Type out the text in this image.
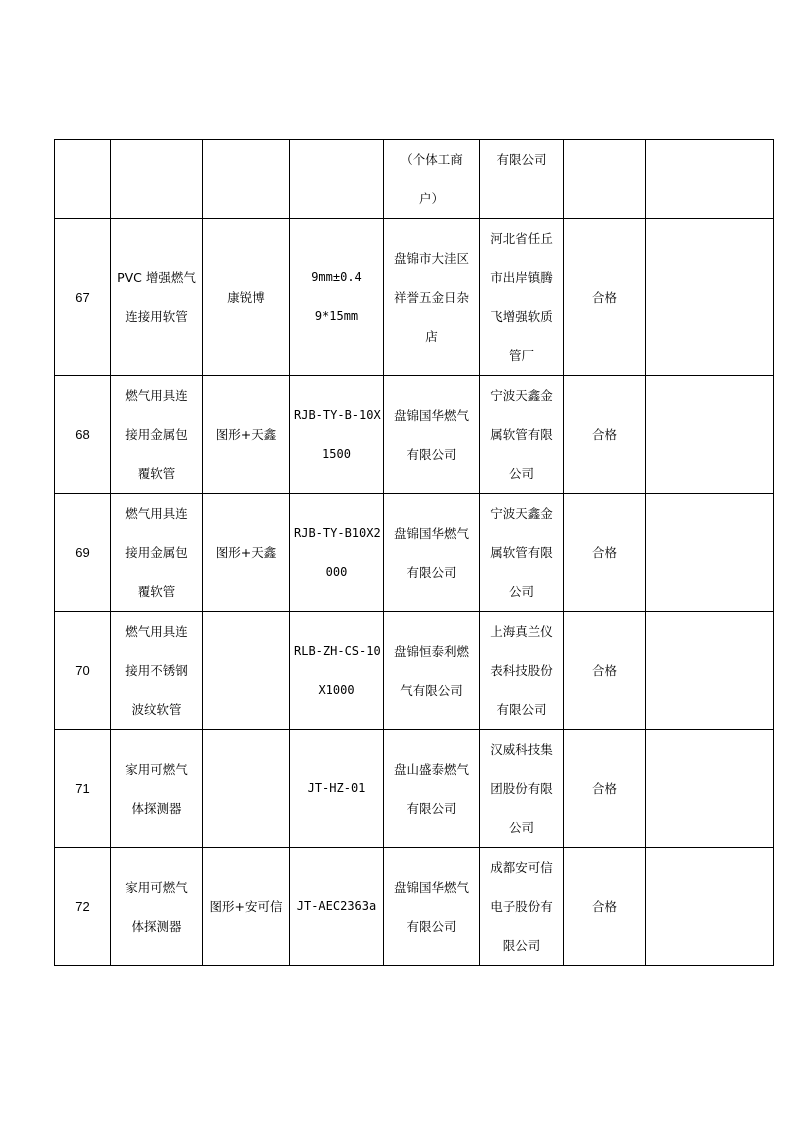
				（个体工商
户）	有限公司		

67	PVC 增强燃气
连接用软管	康锐博	9mm±0.4
9*15mm	盘锦市大洼区
祥誉五金日杂
店	河北省任丘
市出岸镇腾
飞增强软质
管厂	合格	

68	燃气用具连
接用金属包
覆软管	图形+天鑫	RJB-TY-B-10X
1500	盘锦国华燃气
有限公司	宁波天鑫金
属软管有限
公司	合格	

69	燃气用具连
接用金属包
覆软管	图形+天鑫	RJB-TY-B10X2
000	盘锦国华燃气
有限公司	宁波天鑫金
属软管有限
公司	合格	

70	燃气用具连
接用不锈钢
波纹软管		RLB-ZH-CS-10
X1000	盘锦恒泰利燃
气有限公司	上海真兰仪
表科技股份
有限公司	合格	

71	家用可燃气
体探测器		JT-HZ-01	盘山盛泰燃气
有限公司	汉威科技集
团股份有限
公司	合格	

72	家用可燃气
体探测器	图形+安可信	JT-AEC2363a	盘锦国华燃气
有限公司	成都安可信
电子股份有
限公司	合格	
